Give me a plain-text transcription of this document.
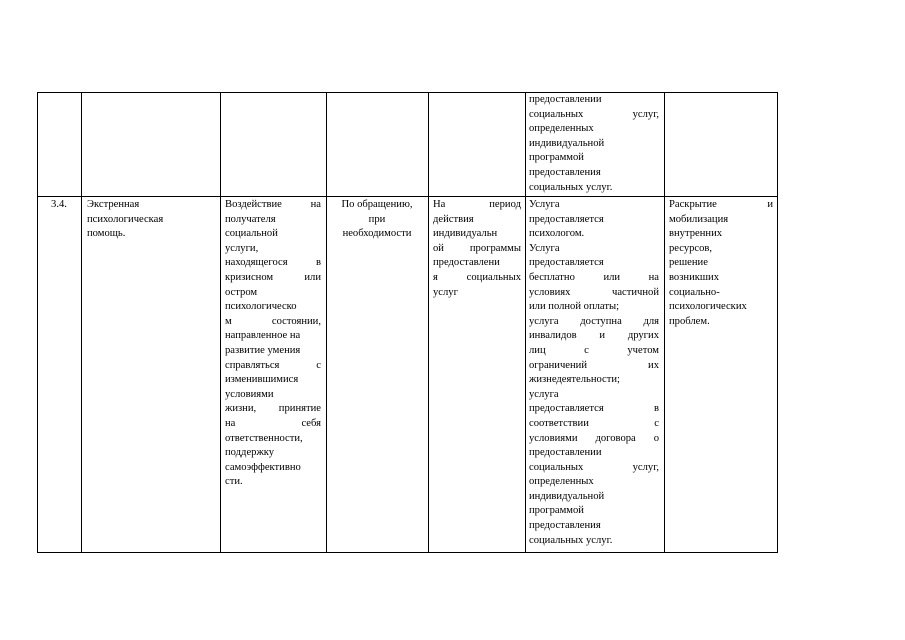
предоставлении
социальных услуг,
определенных
индивидуальной
программой
предоставления
социальных услуг.
3.4.	Экстренная
психологическая
помощь.
Воздействие на
получателя
социальной
услуги,
находящегося в
кризисном или
остром
психологическо
м состоянии,
направленное на
развитие умения
справляться с
изменившимися
условиями
жизни, принятие
на себя
ответственности,
поддержку
самоэффективно
сти.
По обращению,
при
необходимости
На период
действия
индивидуальн
ой программы
предоставлени
я социальных
услуг
Услуга
предоставляется
психологом.
Услуга
предоставляется
бесплатно или на
условиях частичной
или полной оплаты;
услуга доступна для
инвалидов и других
лиц с учетом
ограничений их
жизнедеятельности;
услуга
предоставляется в
соответствии с
условиями договора о
предоставлении
социальных услуг,
определенных
индивидуальной
программой
предоставления
социальных услуг.
Раскрытие и
мобилизация
внутренних
ресурсов,
решение
возникших
социально-
психологических
проблем.
